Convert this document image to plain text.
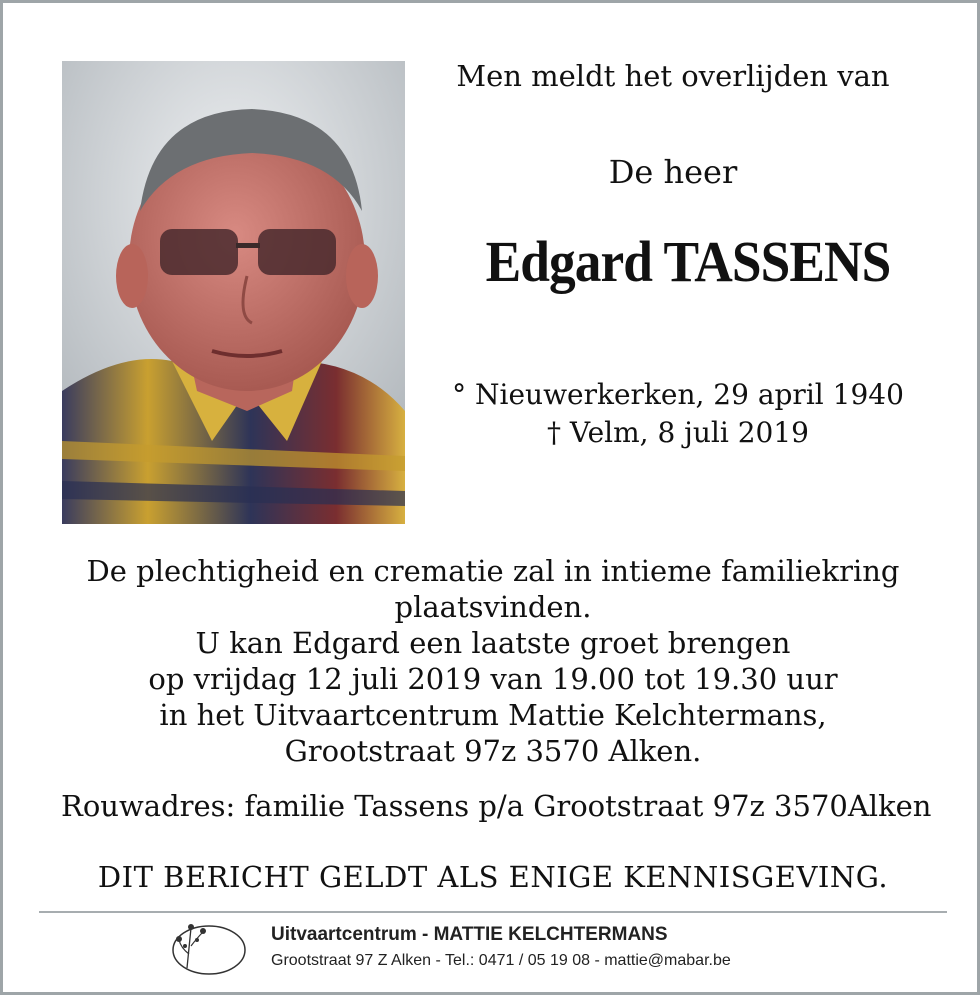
Men meldt het overlijden van
De heer
Edgard TASSENS
° Nieuwerkerken, 29 april 1940
† Velm, 8 juli 2019
De plechtigheid en crematie zal in intieme familiekring
plaatsvinden.
U kan Edgard een laatste groet brengen
op vrijdag 12 juli 2019 van 19.00 tot 19.30 uur
in het Uitvaartcentrum Mattie Kelchtermans,
Grootstraat 97z 3570 Alken.
Rouwadres: familie Tassens p/a Grootstraat 97z 3570Alken
DIT BERICHT GELDT ALS ENIGE KENNISGEVING.
Uitvaartcentrum - MATTIE KELCHTERMANS
Grootstraat 97 Z Alken - Tel.: 0471 / 05 19 08 - mattie@mabar.be
